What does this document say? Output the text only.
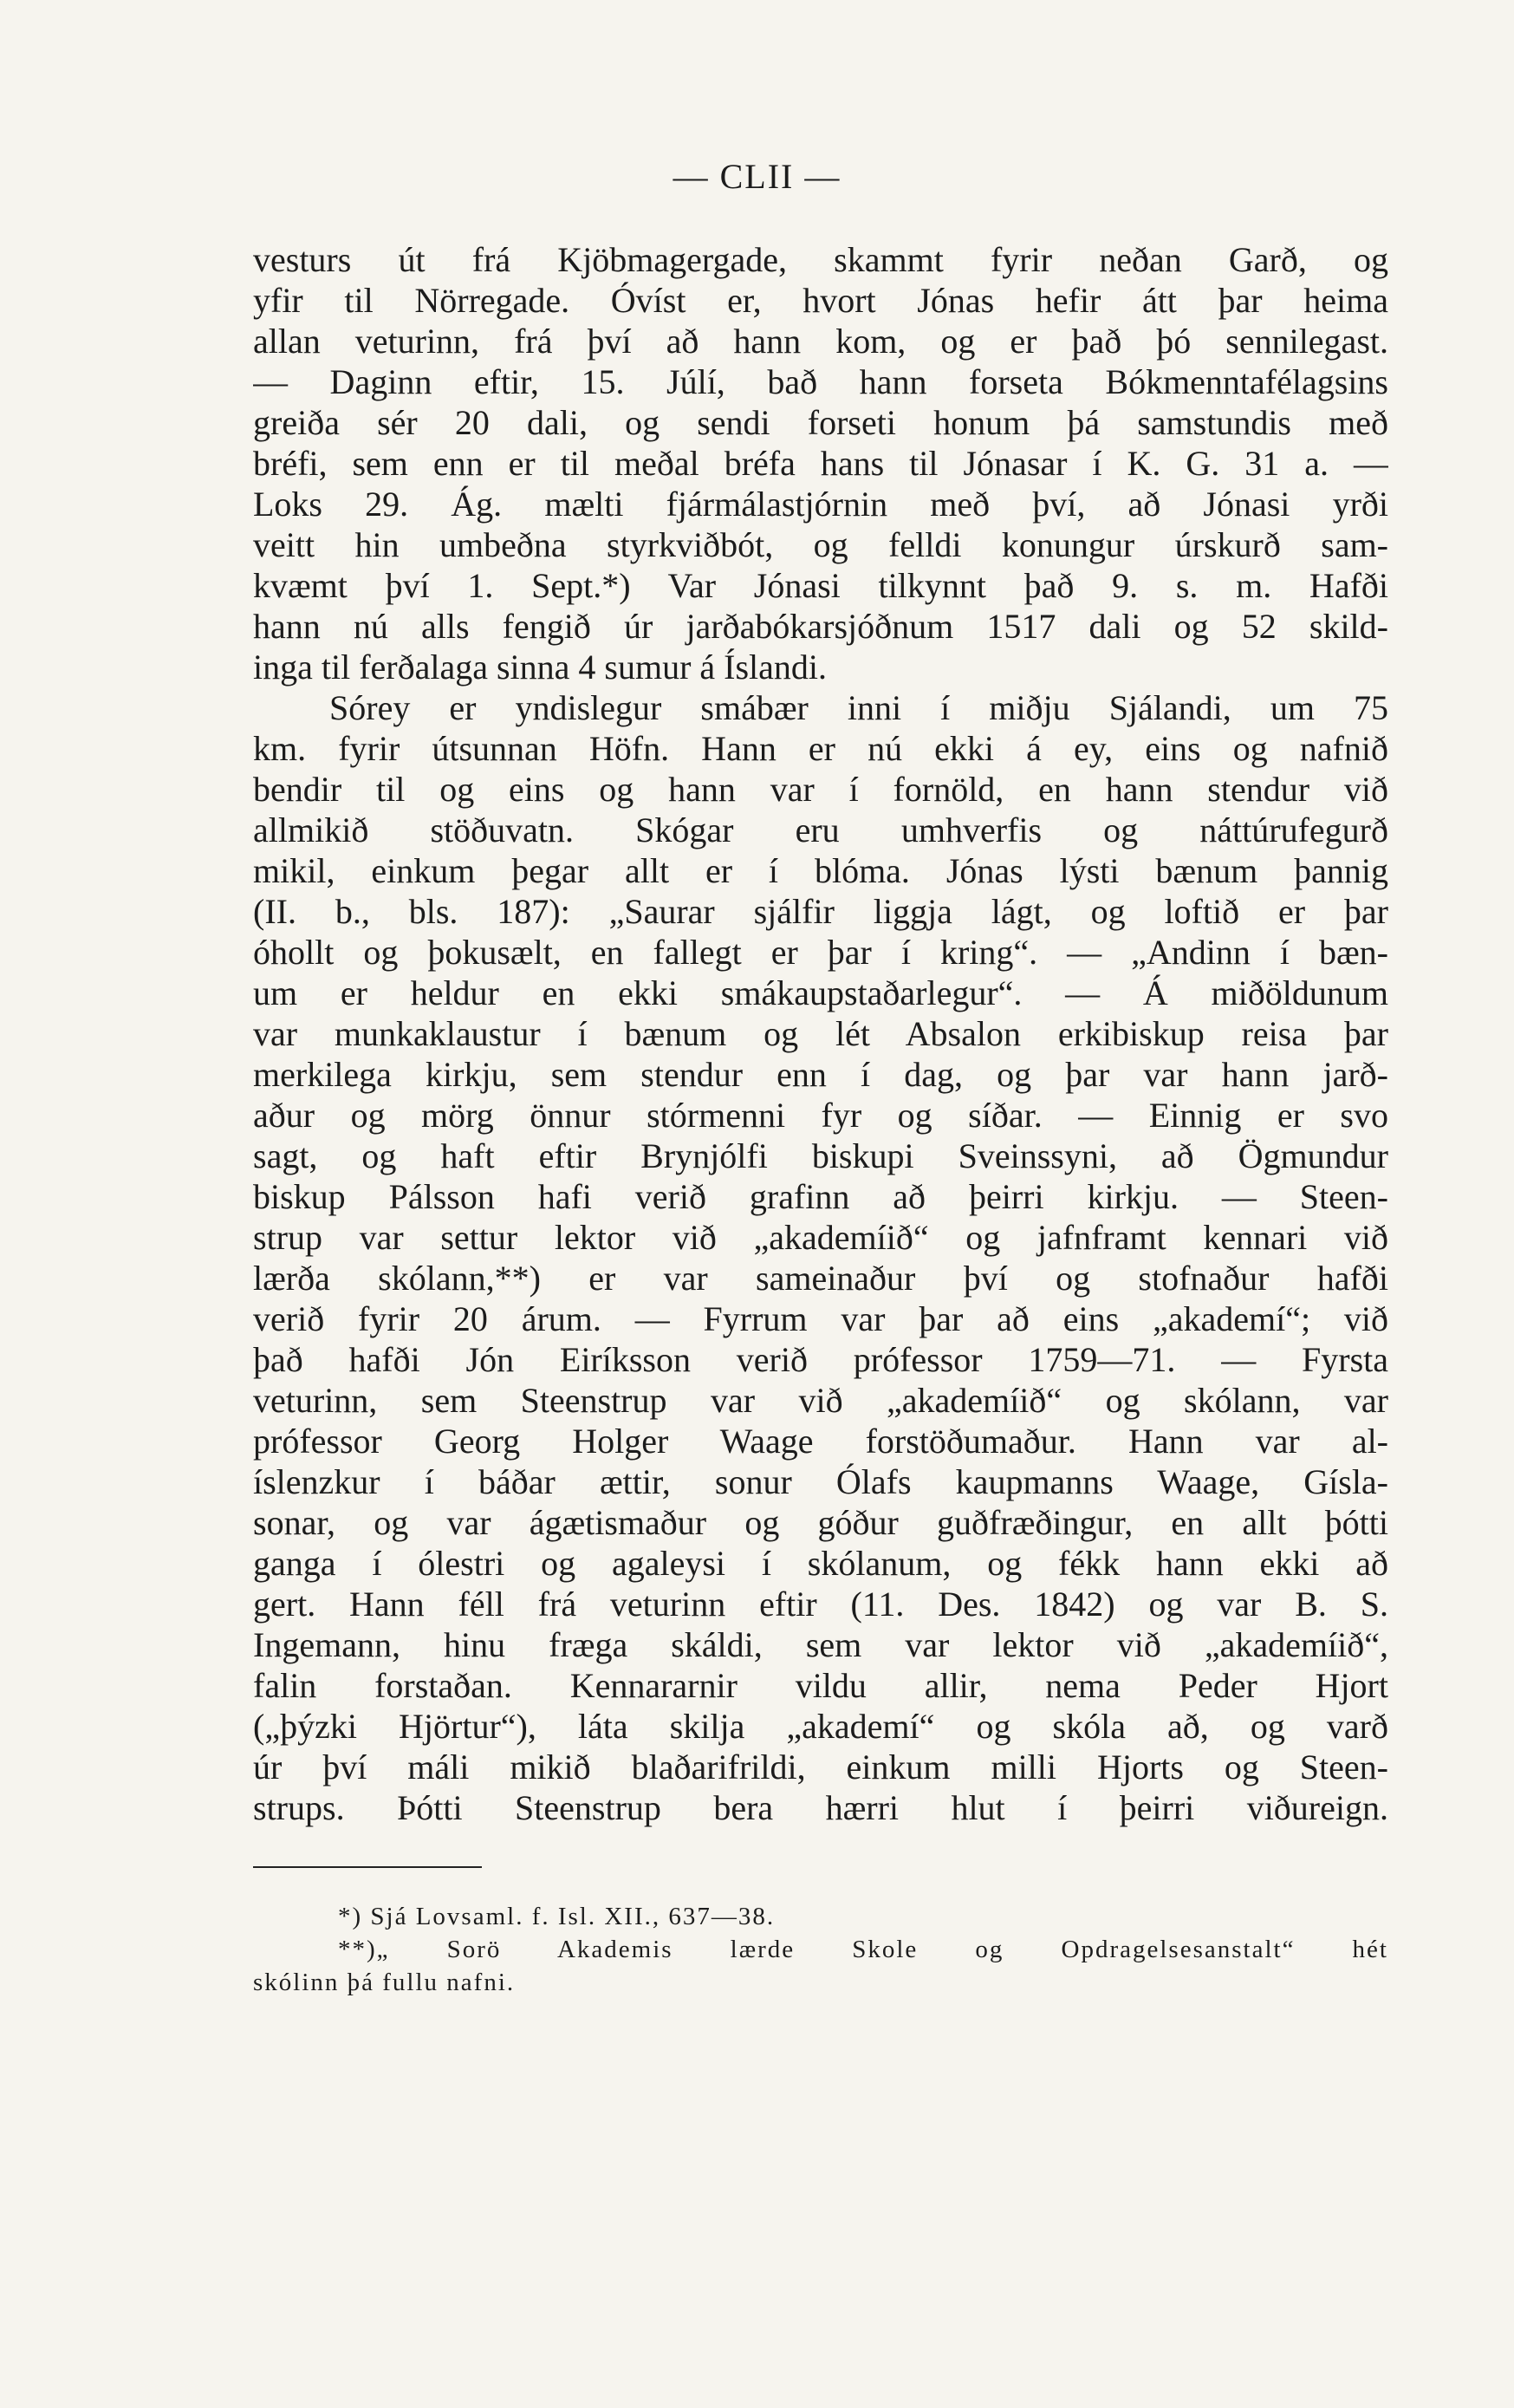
— CLII —
vesturs út frá Kjöbmagergade, skammt fyrir neðan Garð, og
yfir til Nörregade. Óvíst er, hvort Jónas hefir átt þar heima
allan veturinn, frá því að hann kom, og er það þó sennilegast.
— Daginn eftir, 15. Júlí, bað hann forseta Bókmenntafélagsins
greiða sér 20 dali, og sendi forseti honum þá samstundis með
bréfi, sem enn er til meðal bréfa hans til Jónasar í K. G. 31 a. —
Loks 29. Ág. mælti fjármálastjórnin með því, að Jónasi yrði
veitt hin umbeðna styrkviðbót, og felldi konungur úrskurð sam-
kvæmt því 1. Sept.*) Var Jónasi tilkynnt það 9. s. m. Hafði
hann nú alls fengið úr jarðabókarsjóðnum 1517 dali og 52 skild-
inga til ferðalaga sinna 4 sumur á Íslandi.
Sórey er yndislegur smábær inni í miðju Sjálandi, um 75
km. fyrir útsunnan Höfn. Hann er nú ekki á ey, eins og nafnið
bendir til og eins og hann var í fornöld, en hann stendur við
allmikið stöðuvatn. Skógar eru umhverfis og náttúrufegurð
mikil, einkum þegar allt er í blóma. Jónas lýsti bænum þannig
(II. b., bls. 187): „Saurar sjálfir liggja lágt, og loftið er þar
óhollt og þokusælt, en fallegt er þar í kring“. — „Andinn í bæn-
um er heldur en ekki smákaupstaðarlegur“. — Á miðöldunum
var munkaklaustur í bænum og lét Absalon erkibiskup reisa þar
merkilega kirkju, sem stendur enn í dag, og þar var hann jarð-
aður og mörg önnur stórmenni fyr og síðar. — Einnig er svo
sagt, og haft eftir Brynjólfi biskupi Sveinssyni, að Ögmundur
biskup Pálsson hafi verið grafinn að þeirri kirkju. — Steen-
strup var settur lektor við „akademíið“ og jafnframt kennari við
lærða skólann,**) er var sameinaður því og stofnaður hafði
verið fyrir 20 árum. — Fyrrum var þar að eins „akademí“; við
það hafði Jón Eiríksson verið prófessor 1759—71. — Fyrsta
veturinn, sem Steenstrup var við „akademíið“ og skólann, var
prófessor Georg Holger Waage forstöðumaður. Hann var al-
íslenzkur í báðar ættir, sonur Ólafs kaupmanns Waage, Gísla-
sonar, og var ágætismaður og góður guðfræðingur, en allt þótti
ganga í ólestri og agaleysi í skólanum, og fékk hann ekki að
gert. Hann féll frá veturinn eftir (11. Des. 1842) og var B. S.
Ingemann, hinu fræga skáldi, sem var lektor við „akademíið“,
falin forstaðan. Kennararnir vildu allir, nema Peder Hjort
(„þýzki Hjörtur“), láta skilja „akademí“ og skóla að, og varð
úr því máli mikið blaðarifrildi, einkum milli Hjorts og Steen-
strups. Þótti Steenstrup bera hærri hlut í þeirri viðureign.
*) Sjá Lovsaml. f. Isl. XII., 637—38.
**)„ Sorö Akademis lærde Skole og Opdragelsesanstalt“ hét
skólinn þá fullu nafni.
